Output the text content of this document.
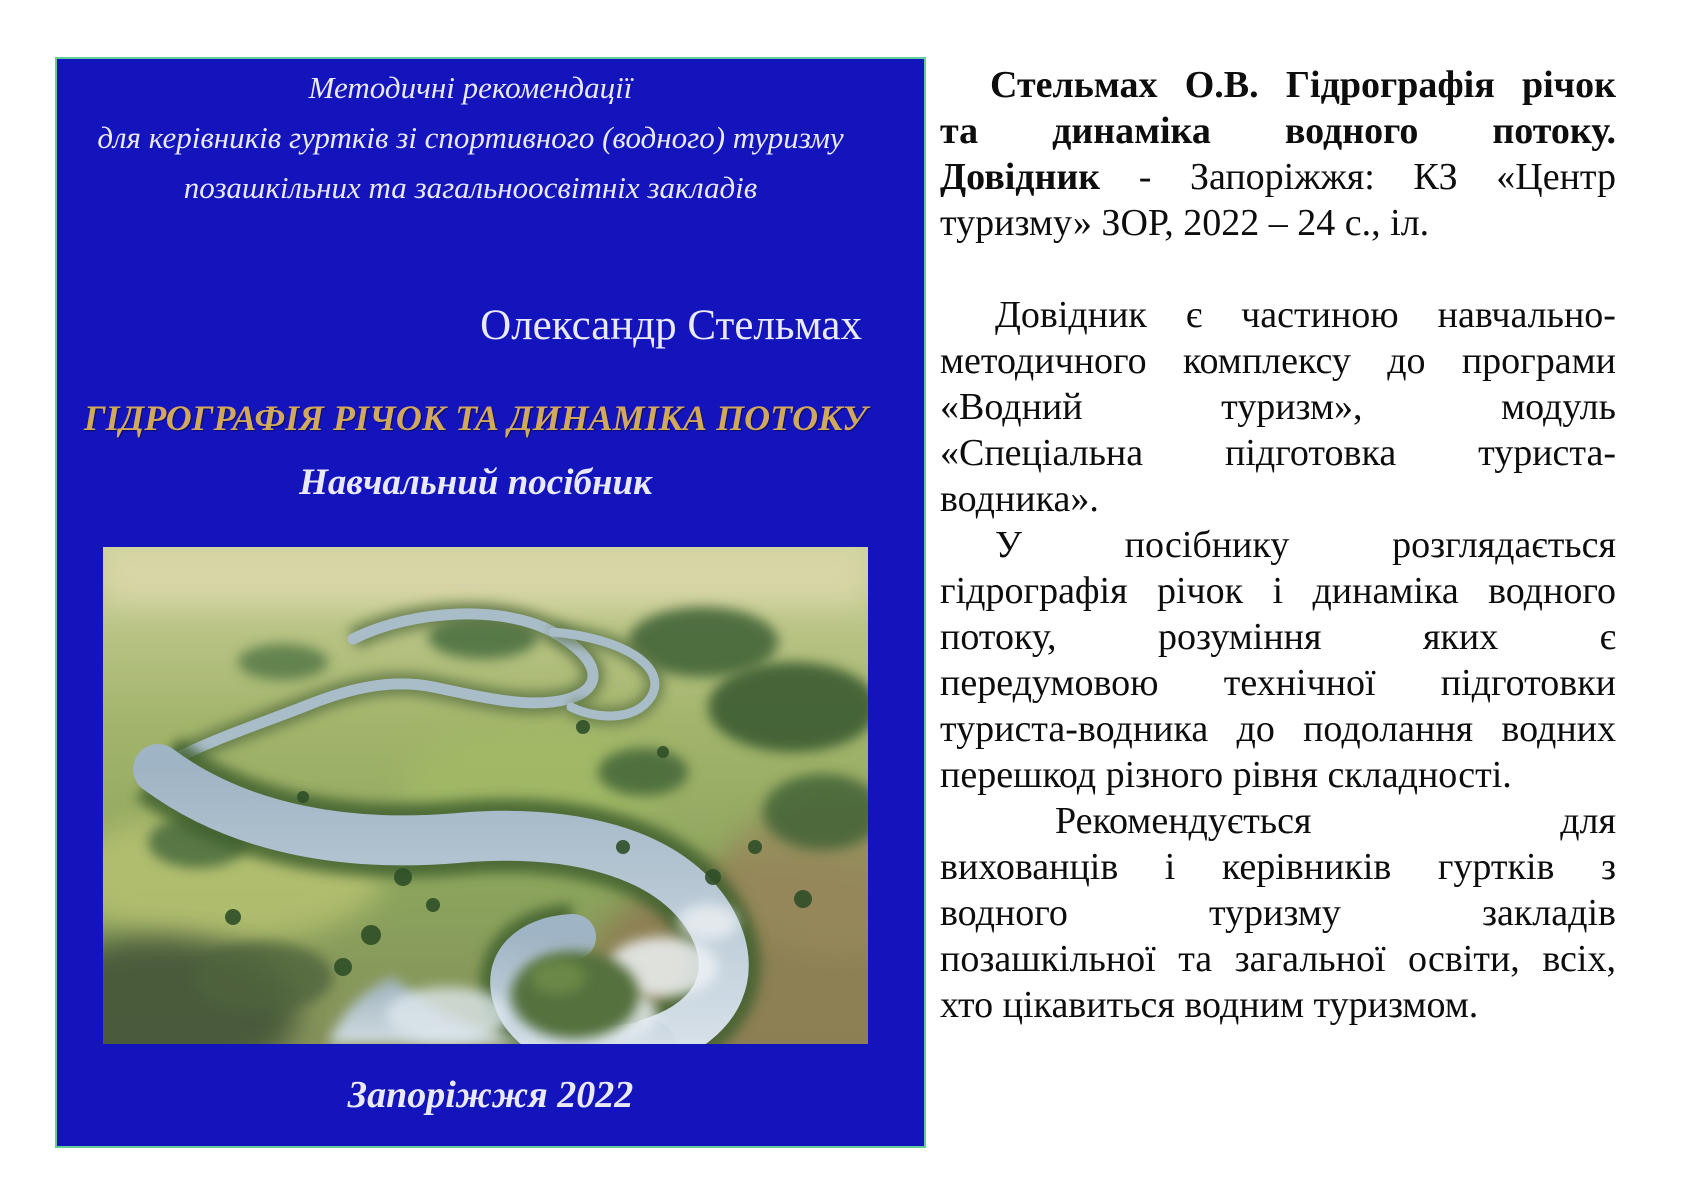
Методичні рекомендації
для керівників гуртків зі спортивного (водного) туризму
позашкільних та загальноосвітніх закладів
Олександр Стельмах
ГІДРОГРАФІЯ РІЧОК ТА ДИНАМІКА ПОТОКУ
Навчальний посібник
Запоріжжя 2022
Стельмах О.В. Гідрографія річок
та динаміка водного потоку.
Довідник - Запоріжжя: КЗ «Центр
туризму» ЗОР, 2022 – 24 с., іл.
Довідник є частиною навчально-
методичного комплексу до програми
«Водний	туризм»,	модуль
«Спеціальна підготовка туриста-
водника».
У	посібнику	розглядається
гідрографія річок і динаміка водного
потоку,	розуміння	яких	є
передумовою технічної підготовки
туриста-водника до подолання водних
перешкод різного рівня складності.
Рекомендується	для
вихованців і керівників гуртків з
водного	туризму	закладів
позашкільної та загальної освіти, всіх,
хто цікавиться водним туризмом.
